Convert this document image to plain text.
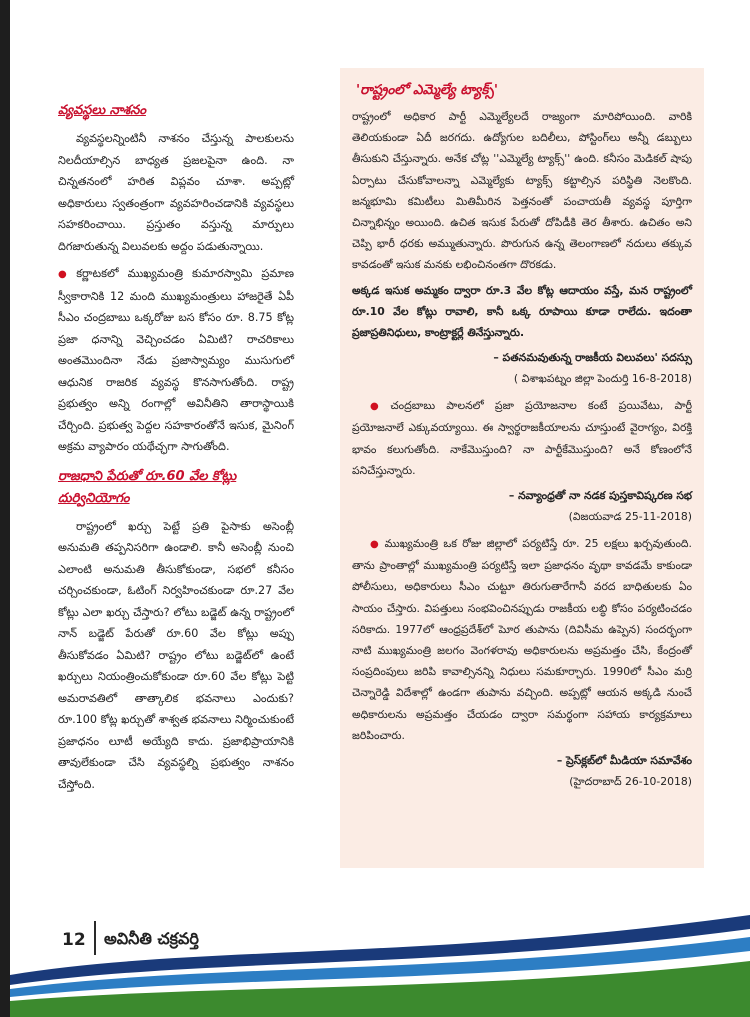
వ్యవస్థలు నాశనం

వ్యవస్థలన్నింటినీ నాశనం చేస్తున్న పాలకులను నిలదీయాల్సిన బాధ్యత ప్రజలపైనా ఉంది. నా చిన్నతనంలో హరిత విప్లవం చూశా. అప్పట్లో అధికారులు స్వతంత్రంగా వ్యవహరించడానికి వ్యవస్థలు సహకరించాయి. ప్రస్తుతం వస్తున్న మార్పులు దిగజారుతున్న విలువలకు అద్దం పడుతున్నాయి.

● కర్ణాటకలో ముఖ్యమంత్రి కుమారస్వామి ప్రమాణ స్వీకారానికి 12 మంది ముఖ్యమంత్రులు హాజరైతే ఏపీ సీఎం చంద్రబాబు ఒక్కరోజు బస కోసం రూ. 8.75 కోట్ల ప్రజా ధనాన్ని వెచ్చించడం ఏమిటి? రాచరికాలు అంతమొందినా నేడు ప్రజాస్వామ్యం ముసుగులో ఆధునిక రాజరిక వ్యవస్థ కొనసాగుతోంది. రాష్ట్ర ప్రభుత్వం అన్ని రంగాల్లో అవినీతిని తారాస్థాయికి చేర్చింది. ప్రభుత్వ పెద్దల సహకారంతోనే ఇసుక, మైనింగ్ అక్రమ వ్యాపారం యథేచ్ఛగా సాగుతోంది.

రాజధాని పేరుతో రూ.60 వేల కోట్లు
దుర్వినియోగం

రాష్ట్రంలో ఖర్చు పెట్టే ప్రతి పైసాకు అసెంబ్లీ అనుమతి తప్పనిసరిగా ఉండాలి. కానీ అసెంబ్లీ నుంచి ఎలాంటి అనుమతి తీసుకోకుండా, సభలో కనీసం చర్చించకుండా, ఓటింగ్ నిర్వహించకుండా రూ.27 వేల కోట్లు ఎలా ఖర్చు చేస్తారు? లోటు బడ్జెట్ ఉన్న రాష్ట్రంలో నాన్ బడ్జెట్ పేరుతో రూ.60 వేల కోట్లు అప్పు తీసుకోవడం ఏమిటి? రాష్ట్రం లోటు బడ్జెట్‌లో ఉంటే ఖర్చులు నియంత్రించుకోకుండా రూ.60 వేల కోట్లు పెట్టి అమరావతిలో తాత్కాలిక భవనాలు ఎందుకు? రూ.100 కోట్ల ఖర్చుతో శాశ్వత భవనాలు నిర్మించుకుంటే ప్రజాధనం లూటీ అయ్యేది కాదు. ప్రజాభిప్రాయానికి తావులేకుండా చేసి వ్యవస్థల్ని ప్రభుత్వం నాశనం చేస్తోంది.

'రాష్ట్రంలో ఎమ్మెల్యే ట్యాక్స్'

రాష్ట్రంలో అధికార పార్టీ ఎమ్మెల్యేలదే రాజ్యంగా మారిపోయింది. వారికి తెలియకుండా ఏదీ జరగదు. ఉద్యోగుల బదిలీలు, పోస్టింగ్‌లు అన్నీ డబ్బులు తీసుకుని చేస్తున్నారు. అనేక చోట్ల ''ఎమ్మెల్యే ట్యాక్స్'' ఉంది. కనీసం మెడికల్ షాపు ఏర్పాటు చేసుకోవాలన్నా ఎమ్మెల్యేకు ట్యాక్స్ కట్టాల్సిన పరిస్థితి నెలకొంది. జన్మభూమి కమిటీలు మితిమీరిన పెత్తనంతో పంచాయతీ వ్యవస్థ పూర్తిగా చిన్నాభిన్నం అయింది. ఉచిత ఇసుక పేరుతో దోపిడీకి తెర తీశారు. ఉచితం అని చెప్పి భారీ ధరకు అమ్ముతున్నారు. పొరుగున ఉన్న తెలంగాణలో నదులు తక్కువ కావడంతో ఇసుక మనకు లభించినంతగా దొరకడు.

అక్కడ ఇసుక అమ్మకం ద్వారా రూ.3 వేల కోట్ల ఆదాయం వస్తే, మన రాష్ట్రంలో రూ.10 వేల కోట్లు రావాలి, కానీ ఒక్క రూపాయి కూడా రాలేదు. ఇదంతా ప్రజాప్రతినిధులు, కాంట్రాక్టర్లే తినేస్తున్నారు.

– పతనమవుతున్న రాజకీయ విలువలు' సదస్సు

( విశాఖపట్నం జిల్లా పెందుర్తి 16-8-2018)

● చంద్రబాబు పాలనలో ప్రజా ప్రయోజనాల కంటే ప్రయివేటు, పార్టీ ప్రయోజనాలే ఎక్కువయ్యాయి. ఈ స్వార్థరాజకీయాలను చూస్తుంటే వైరాగ్యం, విరక్తి భావం కలుగుతోంది. నాకేమొస్తుంది? నా పార్టీకేమొస్తుంది? అనే కోణంలోనే పనిచేస్తున్నారు.

– నవ్యాంధ్రతో నా నడక పుస్తకావిష్కరణ సభ

(విజయవాడ 25-11-2018)

● ముఖ్యమంత్రి ఒక రోజు జిల్లాలో పర్యటిస్తే రూ. 25 లక్షలు ఖర్చవుతుంది. తాను ప్రాంతాల్లో ముఖ్యమంత్రి పర్యటిస్తే ఇలా ప్రజాధనం వృథా కావడమే కాకుండా పోలీసులు, అధికారులు సీఎం చుట్టూ తిరుగుతారేగానీ వరద బాధితులకు ఏం సాయం చేస్తారు. విపత్తులు సంభవించినప్పుడు రాజకీయ లబ్ధి కోసం పర్యటించడం సరికాదు. 1977లో ఆంధ్రప్రదేశ్‌లో పెూర తుపాను (దివిసీమ ఉప్పెన) సందర్భంగా నాటి ముఖ్యమంత్రి జలగం వెంగళరావు అధికారులను అప్రమత్తం చేసి, కేంద్రంతో సంప్రదింపులు జరిపి కావాల్సినన్ని నిధులు సమకూర్చారు. 1990లో సీఎం మర్రి చెన్నారెడ్డి విదేశాల్లో ఉండగా తుపాను వచ్చింది. అప్పట్లో ఆయన అక్కడి నుంచే అధికారులను అప్రమత్తం చేయడం ద్వారా సమర్థంగా సహాయ కార్యక్రమాలు జరిపించారు.

– ప్రెస్‌క్లబ్‌లో మీడియా సమావేశం

(హైదరాబాద్ 26-10-2018)

12 అవినీతి చక్రవర్తి
